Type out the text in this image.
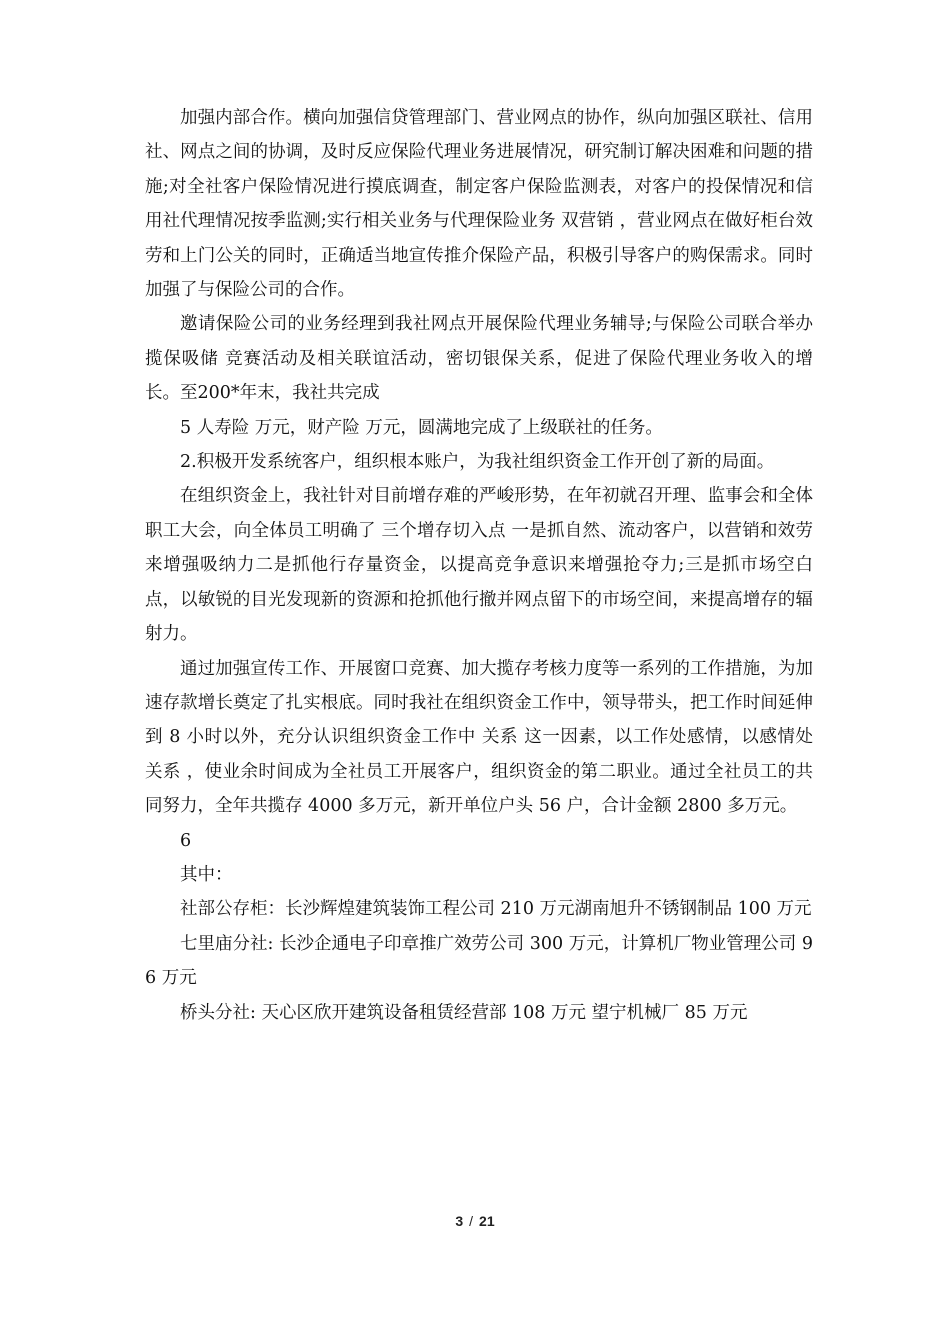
加强内部合作。横向加强信贷管理部门、营业网点的协作，纵向加强区联社、信用社、网点之间的协调，及时反应保险代理业务进展情况，研究制订解决困难和问题的措施;对全社客户保险情况进行摸底调查，制定客户保险监测表，对客户的投保情况和信用社代理情况按季监测;实行相关业务与代理保险业务 双营销 ，营业网点在做好柜台效劳和上门公关的同时，正确适当地宣传推介保险产品，积极引导客户的购保需求。同时加强了与保险公司的合作。

邀请保险公司的业务经理到我社网点开展保险代理业务辅导;与保险公司联合举办 揽保吸储 竞赛活动及相关联谊活动，密切银保关系，促进了保险代理业务收入的增长。至200*年末，我社共完成

5 人寿险 万元，财产险 万元，圆满地完成了上级联社的任务。

2.积极开发系统客户，组织根本账户，为我社组织资金工作开创了新的局面。

在组织资金上，我社针对目前增存难的严峻形势，在年初就召开理、监事会和全体职工大会，向全体员工明确了 三个增存切入点 一是抓自然、流动客户，以营销和效劳来增强吸纳力二是抓他行存量资金，以提高竞争意识来增强抢夺力;三是抓市场空白点，以敏锐的目光发现新的资源和抢抓他行撤并网点留下的市场空间，来提高增存的辐射力。

通过加强宣传工作、开展窗口竞赛、加大揽存考核力度等一系列的工作措施，为加速存款增长奠定了扎实根底。同时我社在组织资金工作中，领导带头，把工作时间延伸到 8 小时以外，充分认识组织资金工作中 关系 这一因素，以工作处感情，以感情处 关系 ，使业余时间成为全社员工开展客户，组织资金的第二职业。通过全社员工的共同努力，全年共揽存 4000 多万元，新开单位户头 56 户，合计金额 2800 多万元。

6

其中：

社部公存柜：长沙辉煌建筑装饰工程公司 210 万元湖南旭升不锈钢制品 100 万元

七里庙分社: 长沙企通电子印章推广效劳公司 300 万元，计算机厂物业管理公司 96 万元

桥头分社: 天心区欣开建筑设备租赁经营部 108 万元 望宁机械厂 85 万元

3 / 21
